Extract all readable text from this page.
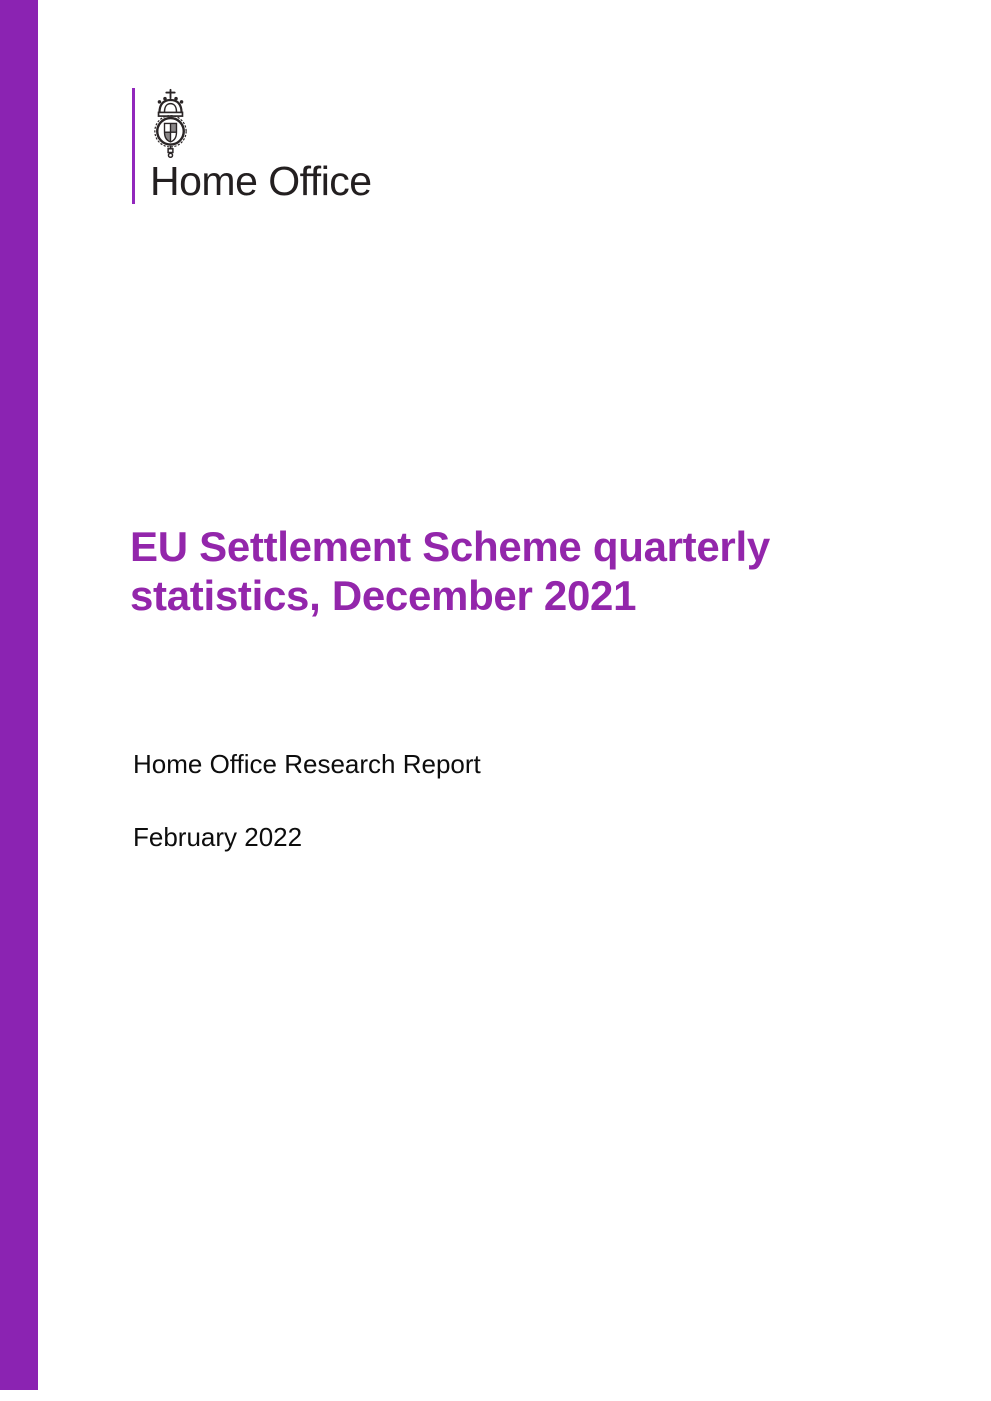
Home Office
EU Settlement Scheme quarterly
statistics, December 2021

Home Office Research Report

February 2022
